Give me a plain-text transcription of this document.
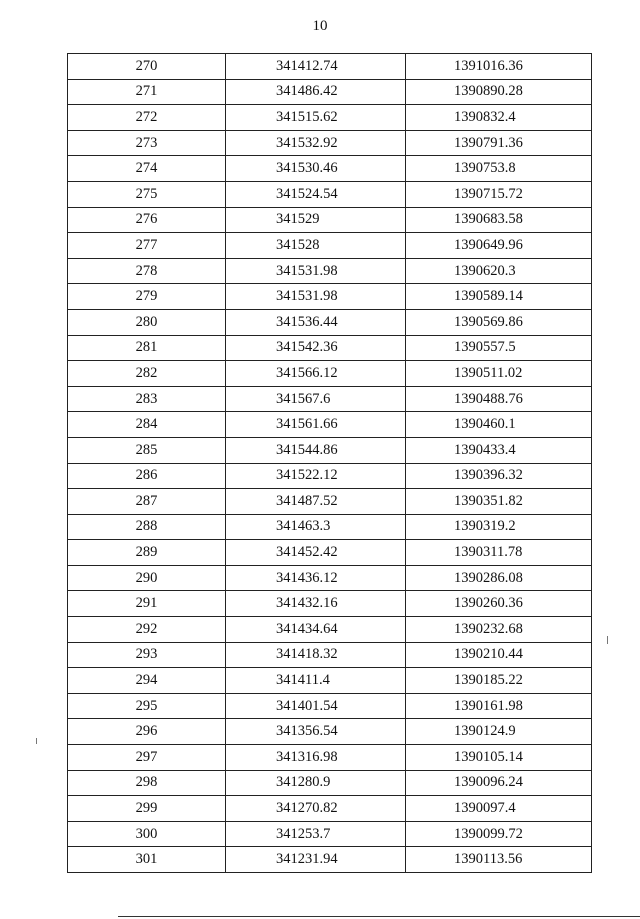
10
270	341412.74	1391016.36
271	341486.42	1390890.28
272	341515.62	1390832.4
273	341532.92	1390791.36
274	341530.46	1390753.8
275	341524.54	1390715.72
276	341529	1390683.58
277	341528	1390649.96
278	341531.98	1390620.3
279	341531.98	1390589.14
280	341536.44	1390569.86
281	341542.36	1390557.5
282	341566.12	1390511.02
283	341567.6	1390488.76
284	341561.66	1390460.1
285	341544.86	1390433.4
286	341522.12	1390396.32
287	341487.52	1390351.82
288	341463.3	1390319.2
289	341452.42	1390311.78
290	341436.12	1390286.08
291	341432.16	1390260.36
292	341434.64	1390232.68
293	341418.32	1390210.44
294	341411.4	1390185.22
295	341401.54	1390161.98
296	341356.54	1390124.9
297	341316.98	1390105.14
298	341280.9	1390096.24
299	341270.82	1390097.4
300	341253.7	1390099.72
301	341231.94	1390113.56
